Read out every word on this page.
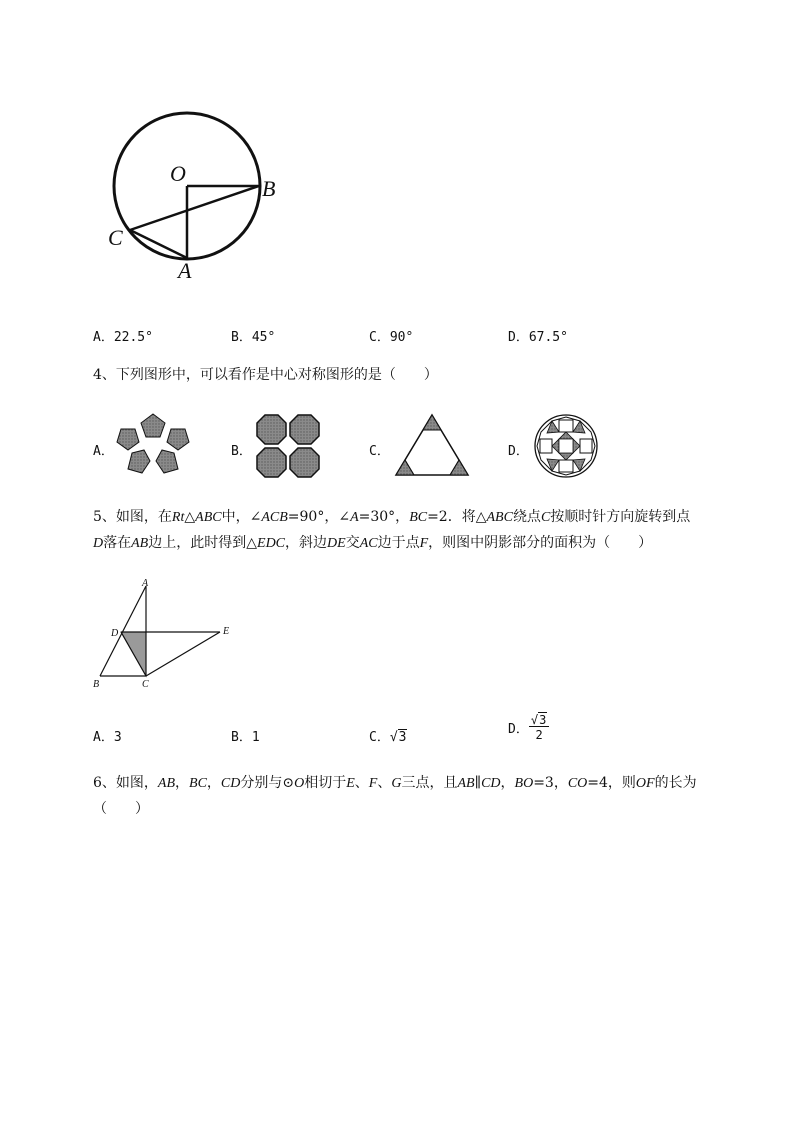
O
B
C
A
A．22.5°	B．45°	C．90°	D．67.5°
4、下列图形中，可以看作是中心对称图形的是（　　）
A．	B．	C．	D．
5、如图，在Rt△ABC中，∠ACB=90°，∠A=30°，BC=2．将△ABC绕点C按顺时针方向旋转到点
D落在AB边上，此时得到△EDC，斜边DE交AC边于点F，则图中阴影部分的面积为（　　）
A
D	E
B	C
A．3	B．1	C．√3
D． $\frac{√3}{2}$
6、如图，AB，BC，CD分别与⊙O相切于E、F、G三点，且AB∥CD，BO=3，CO=4，则OF的长为
（　　）
